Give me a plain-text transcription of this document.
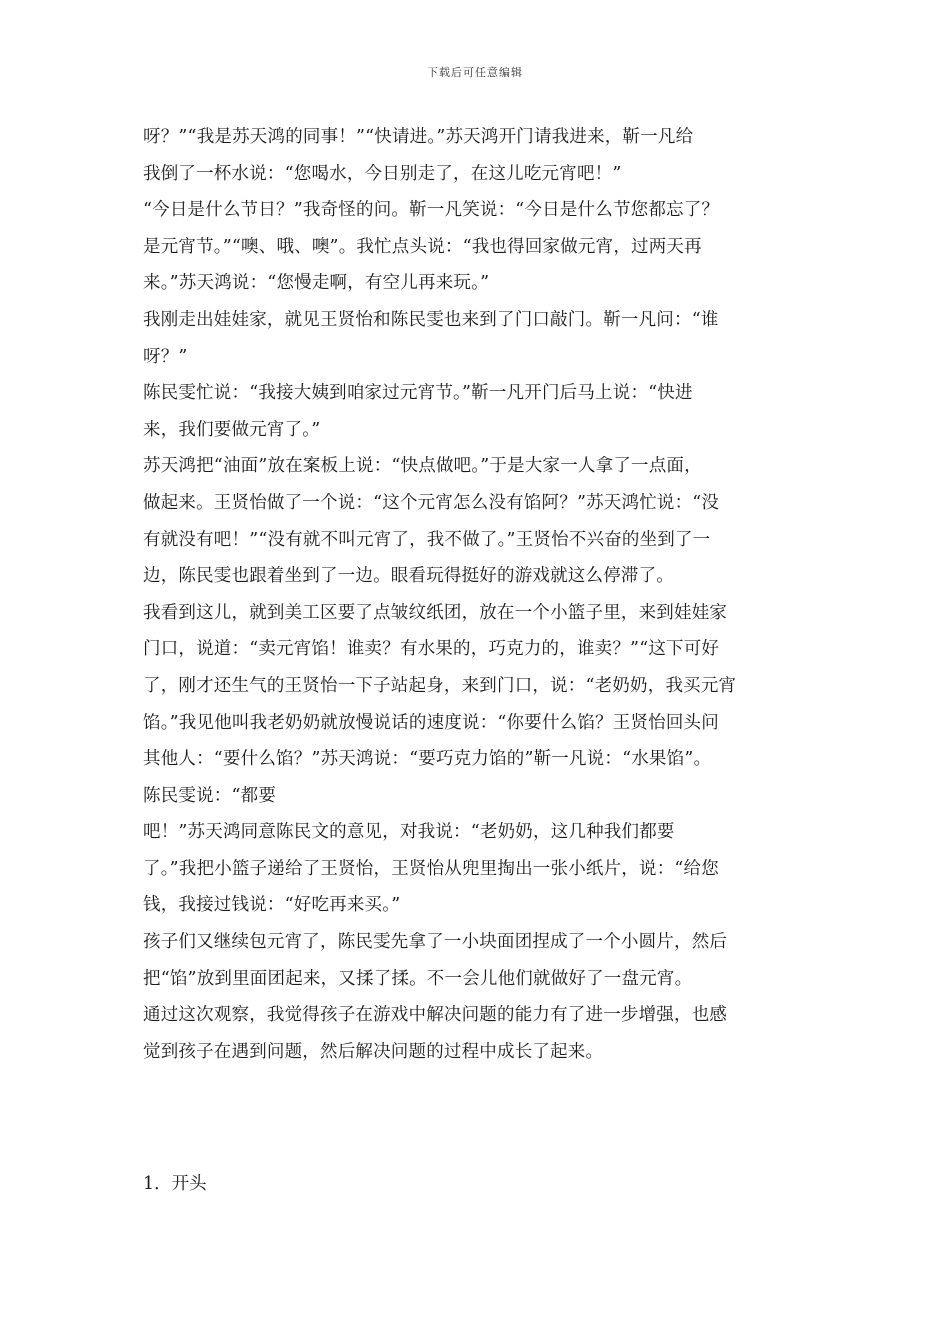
下载后可任意编辑
呀？”“我是苏天鸿的同事！”“快请进。”苏天鸿开门请我进来，靳一凡给
我倒了一杯水说：“您喝水，今日别走了，在这儿吃元宵吧！”
“今日是什么节日？”我奇怪的问。靳一凡笑说：“今日是什么节您都忘了？
是元宵节。”“噢、哦、噢”。我忙点头说：“我也得回家做元宵，过两天再
来。”苏天鸿说：“您慢走啊，有空儿再来玩。”
我刚走出娃娃家，就见王贤怡和陈民雯也来到了门口敲门。靳一凡问：“谁
呀？”
陈民雯忙说：“我接大姨到咱家过元宵节。”靳一凡开门后马上说：“快进
来，我们要做元宵了。”
苏天鸿把“油面”放在案板上说：“快点做吧。”于是大家一人拿了一点面，
做起来。王贤怡做了一个说：“这个元宵怎么没有馅阿？”苏天鸿忙说：“没
有就没有吧！”“没有就不叫元宵了，我不做了。”王贤怡不兴奋的坐到了一
边，陈民雯也跟着坐到了一边。眼看玩得挺好的游戏就这么停滞了。
我看到这儿，就到美工区要了点皱纹纸团，放在一个小篮子里，来到娃娃家
门口，说道：“卖元宵馅！谁卖？有水果的，巧克力的，谁卖？”“这下可好
了，刚才还生气的王贤怡一下子站起身，来到门口，说：“老奶奶，我买元宵
馅。”我见他叫我老奶奶就放慢说话的速度说：“你要什么馅？王贤怡回头问
其他人：“要什么馅？”苏天鸿说：“要巧克力馅的”靳一凡说：“水果馅”。
陈民雯说：“都要
吧！”苏天鸿同意陈民文的意见，对我说：“老奶奶，这几种我们都要
了。”我把小篮子递给了王贤怡，王贤怡从兜里掏出一张小纸片，说：“给您
钱，我接过钱说：“好吃再来买。”
孩子们又继续包元宵了，陈民雯先拿了一小块面团捏成了一个小圆片，然后
把“馅”放到里面团起来，又揉了揉。不一会儿他们就做好了一盘元宵。
通过这次观察，我觉得孩子在游戏中解决问题的能力有了进一步增强，也感
觉到孩子在遇到问题，然后解决问题的过程中成长了起来。
1．开头
